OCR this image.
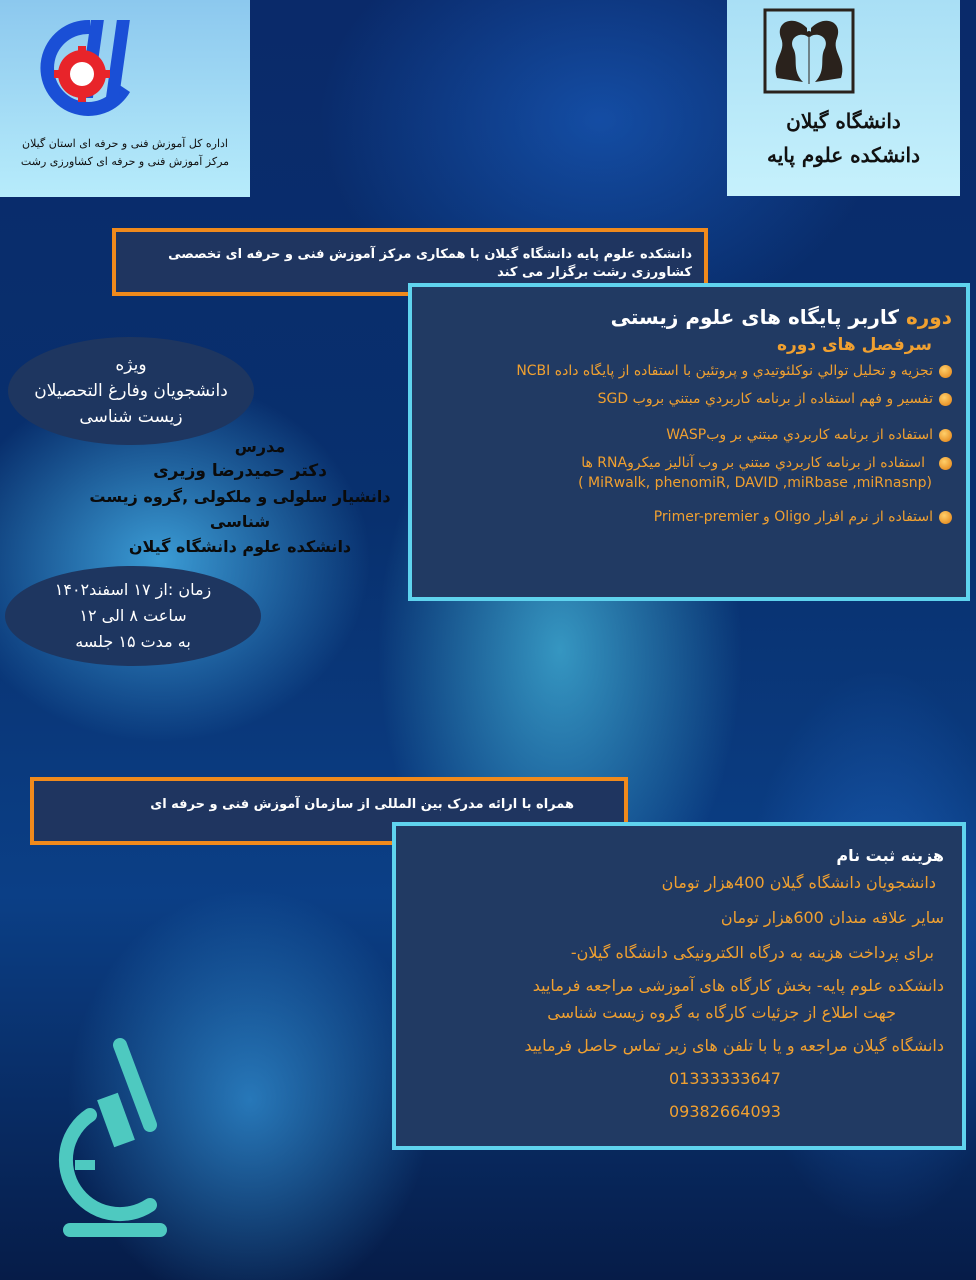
اداره کل آموزش فنی و حرفه ای استان گیلان
مرکز آموزش فنی و حرفه ای کشاورزی رشت
دانشگاه گیلان
دانشکده علوم پایه
دانشکده علوم پایه دانشگاه گیلان با همکاری مرکز آموزش فنی و حرفه ای تخصصی کشاورزی رشت برگزار می کند
دوره کاربر پایگاه های علوم زیستی
سرفصل های دوره
تجزیه و تحلیل توالي نوكلئوتيدي و پروتئین با استفاده از پایگاه داده NCBI
تفسیر و فهم استفاده از برنامه كاربردي مبتني بروب SGD
استفاده از برنامه كاربردي مبتني بر وبWASP
استفاده از برنامه كاربردي مبتني بر وب آنالیز میکروRNA ها
( MiRwalk, phenomiR, DAVID ,miRbase ,miRnasnp)
استفاده از نرم افزار Oligo و Primer-premier
ویژه
دانشجویان وفارغ التحصیلان
زیست شناسی
مدرس
دکتر حمیدرضا وزیری
دانشیار سلولی و ملکولی ,گروه زیست شناسی
دانشکده علوم دانشگاه گیلان
زمان :از ۱۷ اسفند۱۴۰۲
ساعت ۸ الی ۱۲
به مدت ۱۵ جلسه
همراه با ارائه مدرک بین المللی از سازمان آموزش فنی و حرفه ای
هزینه ثبت نام

دانشجویان دانشگاه گیلان 400هزار تومان

سایر علاقه مندان 600هزار تومان

برای پرداخت هزینه به درگاه الکترونیکی دانشگاه گیلان-

دانشکده علوم پایه- بخش کارگاه های آموزشی مراجعه فرمایید

جهت اطلاع از جزئیات کارگاه به گروه زیست شناسی

دانشگاه گیلان مراجعه و یا با تلفن های زیر تماس حاصل فرمایید

01333333647

09382664093
